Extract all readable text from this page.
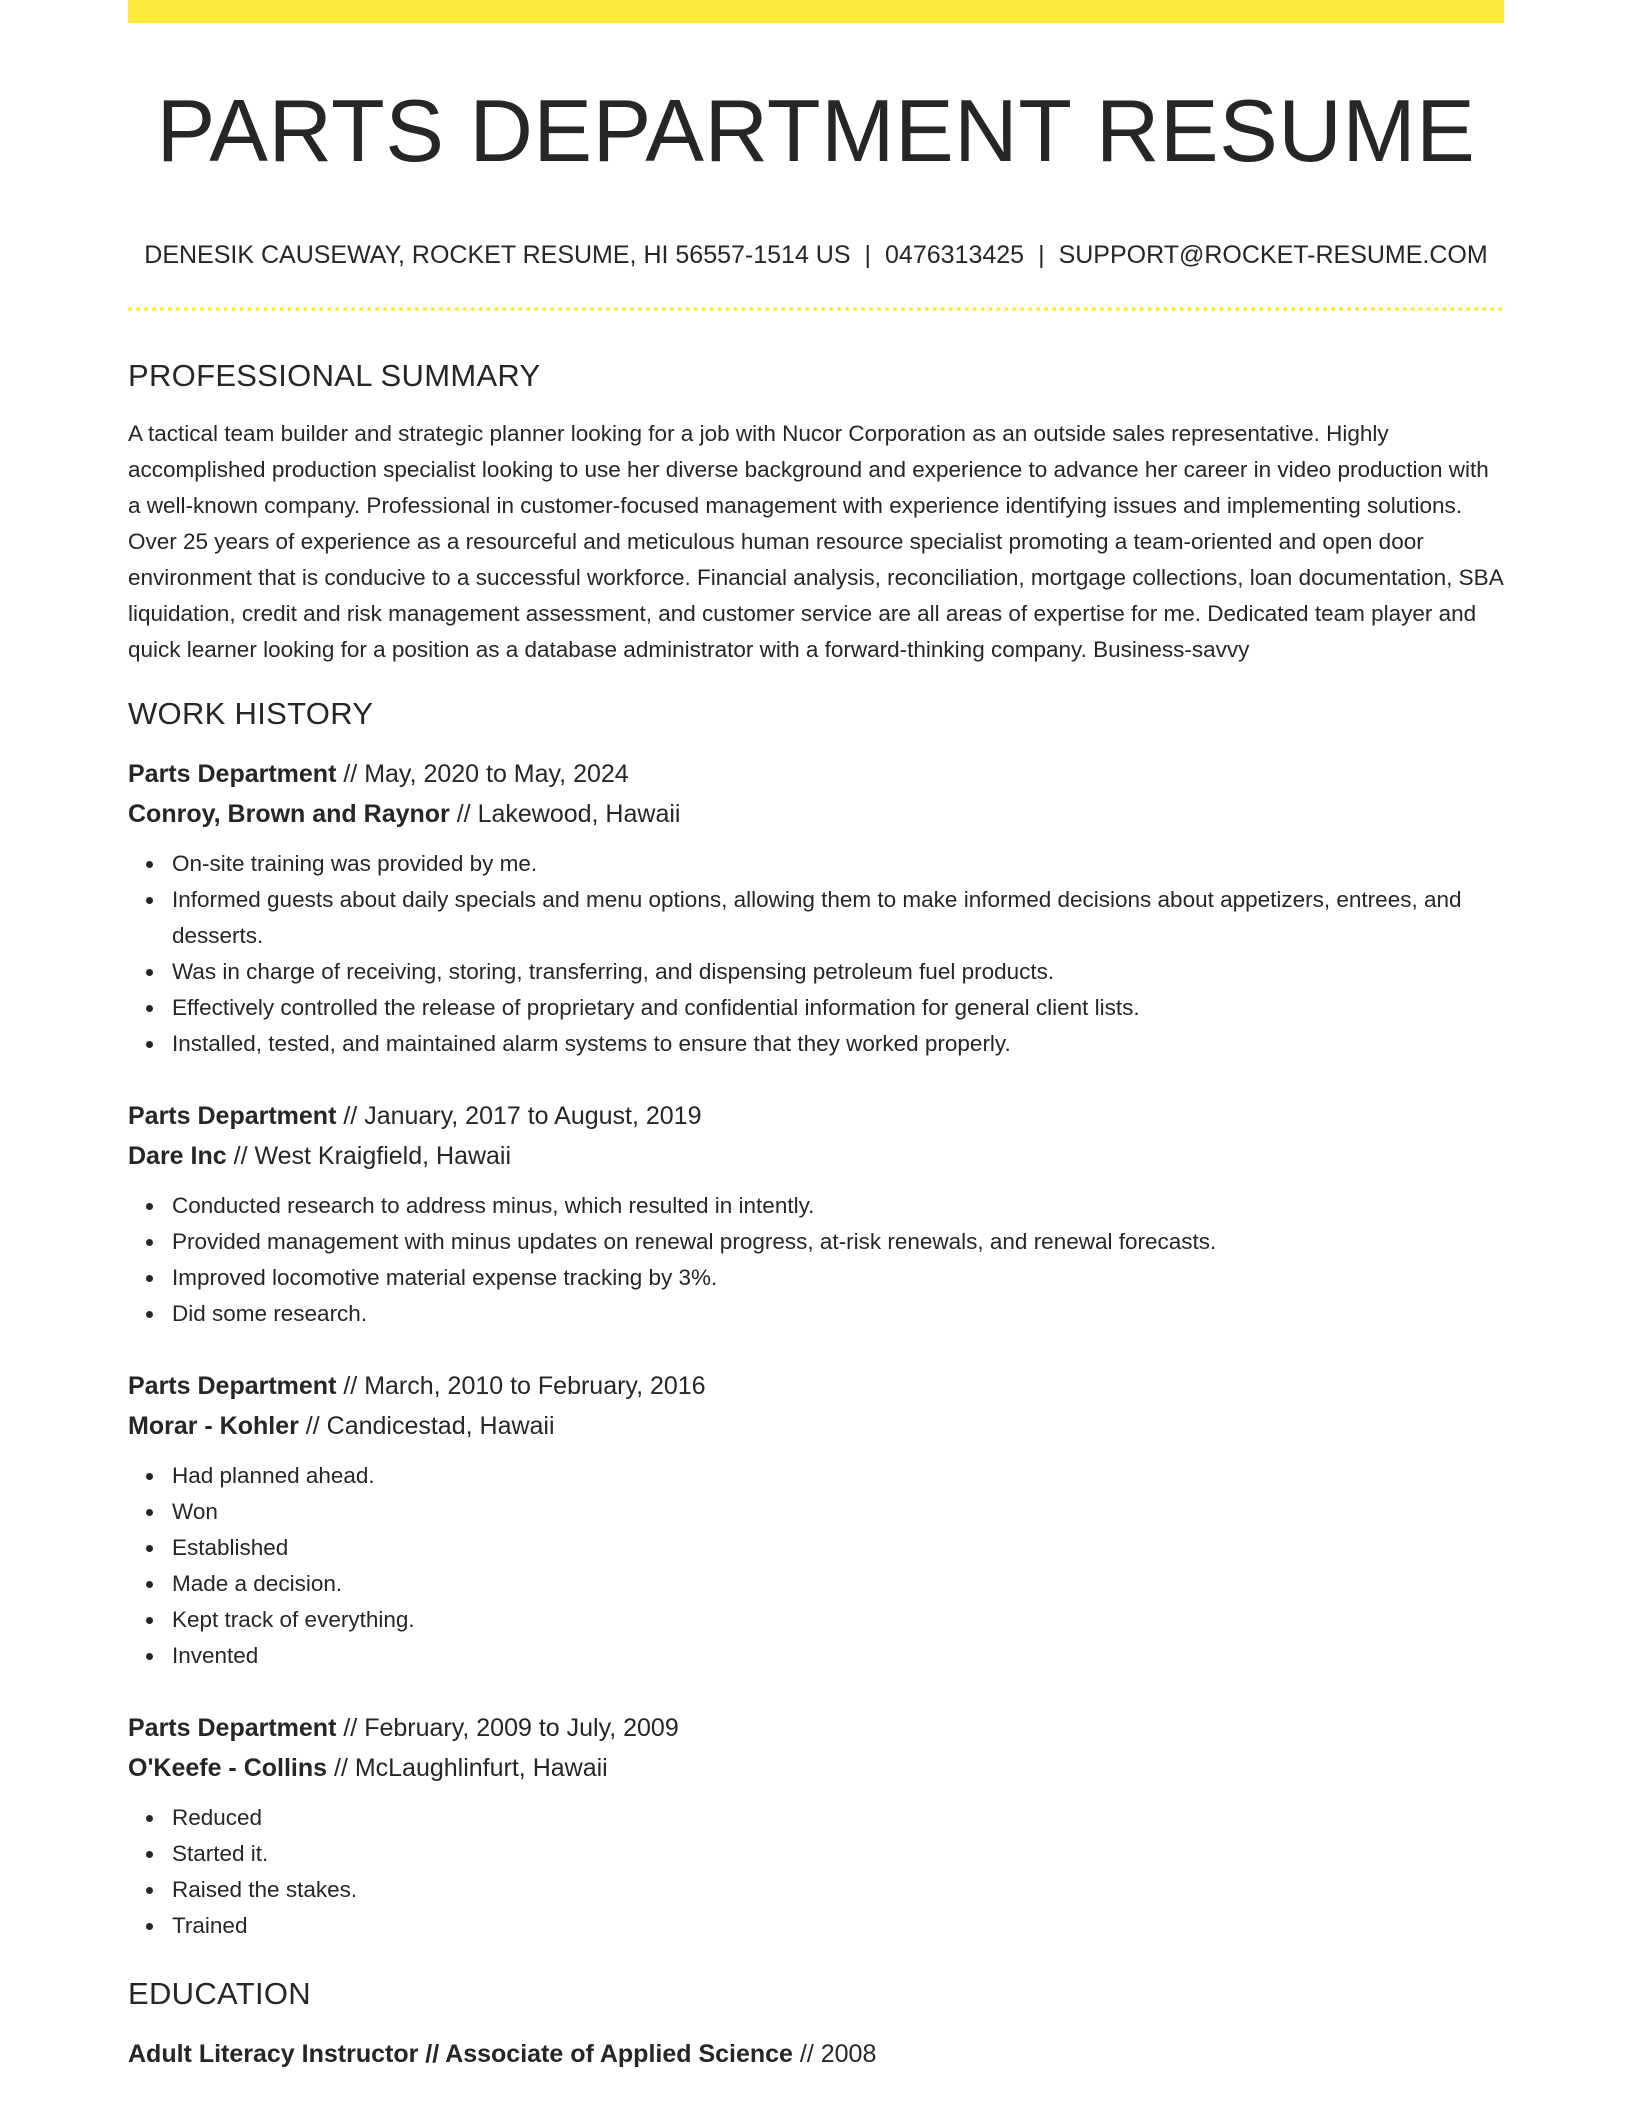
PARTS DEPARTMENT RESUME
DENESIK CAUSEWAY, ROCKET RESUME, HI 56557-1514 US | 0476313425 | SUPPORT@ROCKET-RESUME.COM
PROFESSIONAL SUMMARY

A tactical team builder and strategic planner looking for a job with Nucor Corporation as an outside sales representative. Highly accomplished production specialist looking to use her diverse background and experience to advance her career in video production with a well-known company. Professional in customer-focused management with experience identifying issues and implementing solutions. Over 25 years of experience as a resourceful and meticulous human resource specialist promoting a team-oriented and open door environment that is conducive to a successful workforce. Financial analysis, reconciliation, mortgage collections, loan documentation, SBA liquidation, credit and risk management assessment, and customer service are all areas of expertise for me. Dedicated team player and quick learner looking for a position as a database administrator with a forward-thinking company. Business-savvy

WORK HISTORY
Parts Department // May, 2020 to May, 2024
Conroy, Brown and Raynor // Lakewood, Hawaii
On-site training was provided by me.
Informed guests about daily specials and menu options, allowing them to make informed decisions about appetizers, entrees, and desserts.
Was in charge of receiving, storing, transferring, and dispensing petroleum fuel products.
Effectively controlled the release of proprietary and confidential information for general client lists.
Installed, tested, and maintained alarm systems to ensure that they worked properly.
Parts Department // January, 2017 to August, 2019
Dare Inc // West Kraigfield, Hawaii
Conducted research to address minus, which resulted in intently.
Provided management with minus updates on renewal progress, at-risk renewals, and renewal forecasts.
Improved locomotive material expense tracking by 3%.
Did some research.
Parts Department // March, 2010 to February, 2016
Morar - Kohler // Candicestad, Hawaii
Had planned ahead.
Won
Established
Made a decision.
Kept track of everything.
Invented
Parts Department // February, 2009 to July, 2009
O'Keefe - Collins // McLaughlinfurt, Hawaii
Reduced
Started it.
Raised the stakes.
Trained
EDUCATION
Adult Literacy Instructor // Associate of Applied Science // 2008
